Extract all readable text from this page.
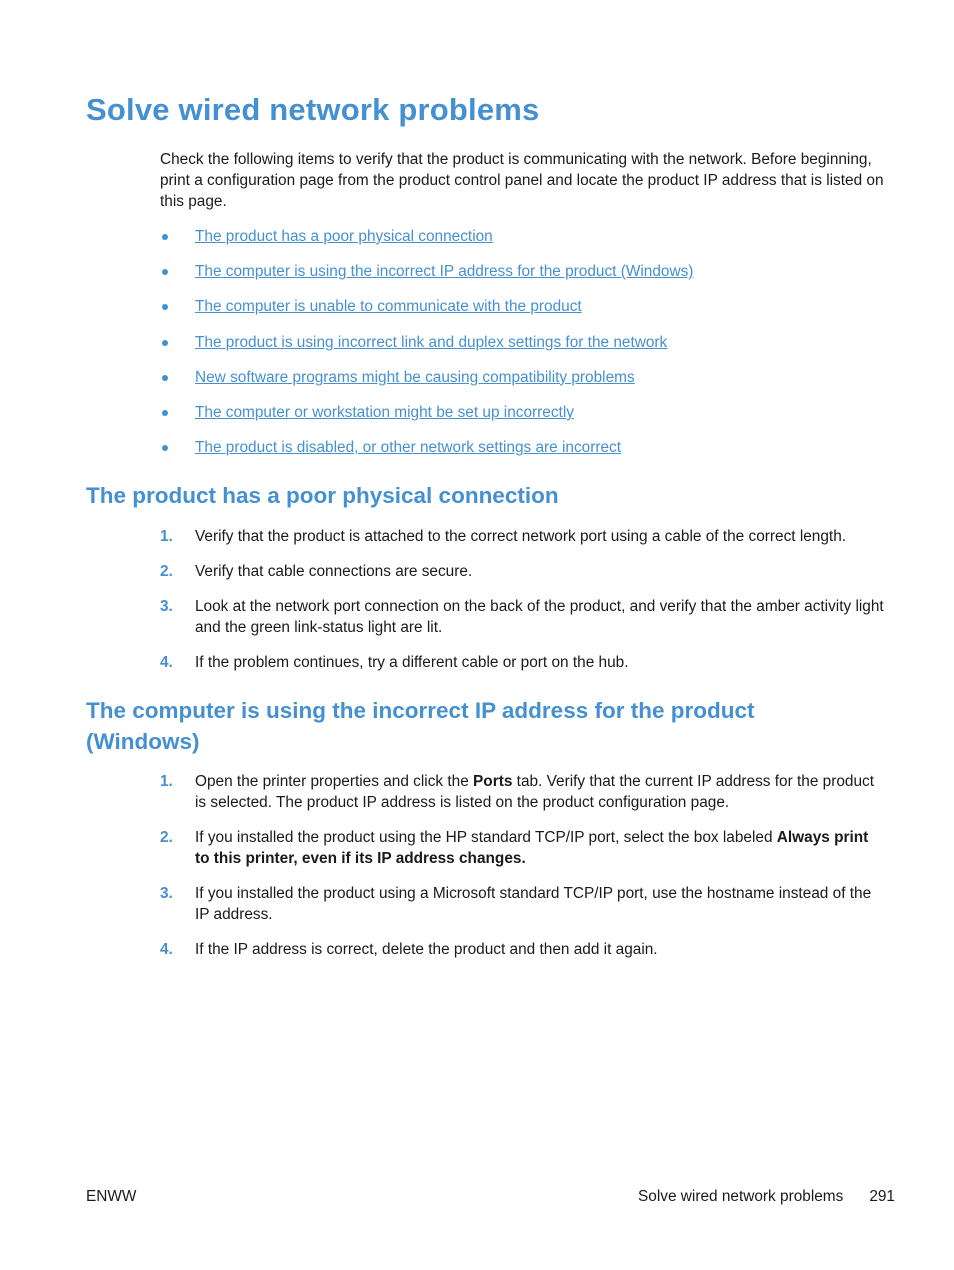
Solve wired network problems

Check the following items to verify that the product is communicating with the network. Before beginning, print a configuration page from the product control panel and locate the product IP address that is listed on this page.

The product has a poor physical connection
The computer is using the incorrect IP address for the product (Windows)
The computer is unable to communicate with the product
The product is using incorrect link and duplex settings for the network
New software programs might be causing compatibility problems
The computer or workstation might be set up incorrectly
The product is disabled, or other network settings are incorrect
The product has a poor physical connection
1. Verify that the product is attached to the correct network port using a cable of the correct length.
2. Verify that cable connections are secure.
3. Look at the network port connection on the back of the product, and verify that the amber activity light and the green link-status light are lit.
4. If the problem continues, try a different cable or port on the hub.
The computer is using the incorrect IP address for the product (Windows)
1. Open the printer properties and click the Ports tab. Verify that the current IP address for the product is selected. The product IP address is listed on the product configuration page.
2. If you installed the product using the HP standard TCP/IP port, select the box labeled Always print to this printer, even if its IP address changes.
3. If you installed the product using a Microsoft standard TCP/IP port, use the hostname instead of the IP address.
4. If the IP address is correct, delete the product and then add it again.
ENWW	Solve wired network problems 291
